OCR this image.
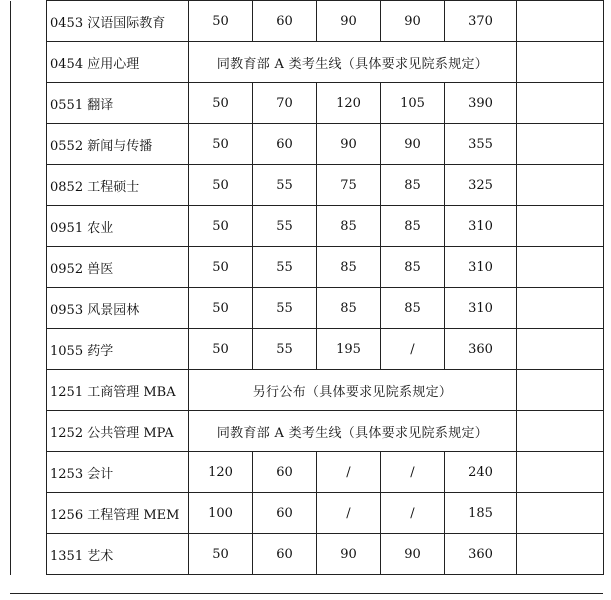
	0453 汉语国际教育	50	60	90	90	370	
	0454 应用心理	同教育部 A 类考生线（具体要求见院系规定）					
	0551 翻译	50	70	120	105	390	
	0552 新闻与传播	50	60	90	90	355	
	0852 工程硕士	50	55	75	85	325	
	0951 农业	50	55	85	85	310	
	0952 兽医	50	55	85	85	310	
	0953 风景园林	50	55	85	85	310	
	1055 药学	50	55	195	/	360	
	1251 工商管理 MBA	另行公布（具体要求见院系规定）					
	1252 公共管理 MPA	同教育部 A 类考生线（具体要求见院系规定）					
	1253 会计	120	60	/	/	240	
	1256 工程管理 MEM	100	60	/	/	185	
	1351 艺术	50	60	90	90	360	
